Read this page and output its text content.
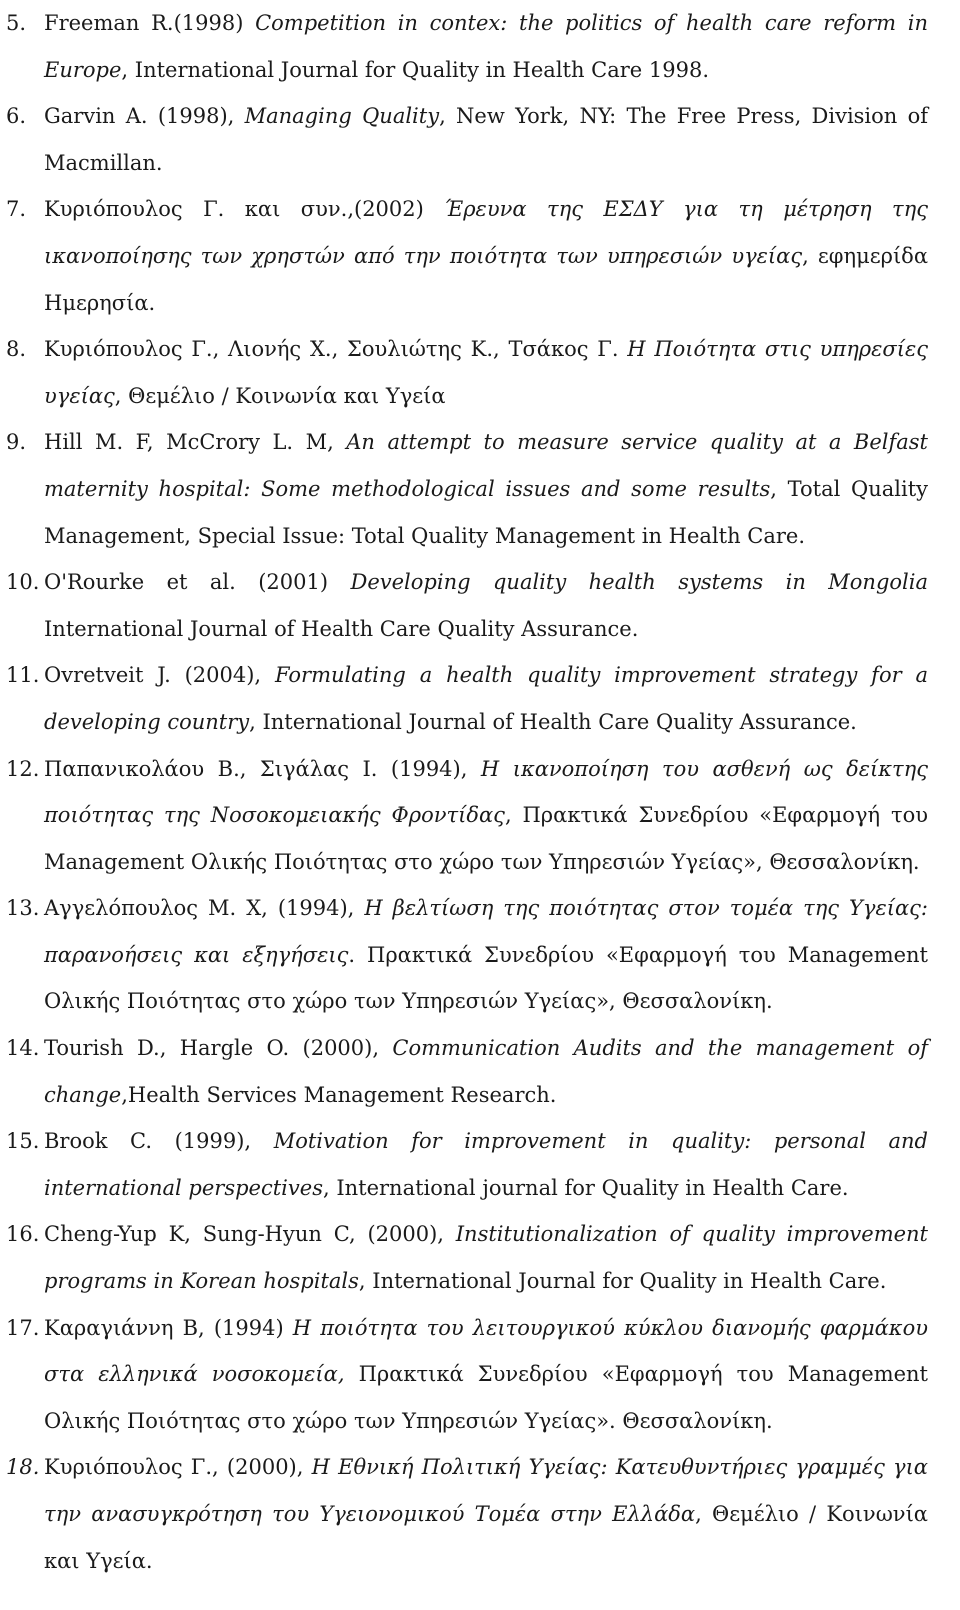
5. Freeman R.(1998) Competition in contex: the politics of health care reform in Europe, International Journal for Quality in Health Care 1998.
6. Garvin A. (1998), Managing Quality, New York, NY: The Free Press, Division of Macmillan.
7. Κυριόπουλος Γ. και συν.,(2002) Έρευνα της ΕΣΔΥ για τη μέτρηση της ικανοποίησης των χρηστών από την ποιότητα των υπηρεσιών υγείας, εφημερίδα Ημερησία.
8. Κυριόπουλος Γ., Λιονής Χ., Σουλιώτης Κ., Τσάκος Γ. Η Ποιότητα στις υπηρεσίες υγείας, Θεμέλιο / Κοινωνία και Υγεία
9. Hill M. F, McCrory L. M, An attempt to measure service quality at a Belfast maternity hospital: Some methodological issues and some results, Total Quality Management, Special Issue: Total Quality Management in Health Care.
10. O'Rourke et al. (2001) Developing quality health systems in Mongolia International Journal of Health Care Quality Assurance.
11. Ovretveit J. (2004), Formulating a health quality improvement strategy for a developing country, International Journal of Health Care Quality Assurance.
12. Παπανικολάου Β., Σιγάλας Ι. (1994), Η ικανοποίηση του ασθενή ως δείκτης ποιότητας της Νοσοκομειακής Φροντίδας, Πρακτικά Συνεδρίου «Εφαρμογή του Management Ολικής Ποιότητας στο χώρο των Υπηρεσιών Υγείας», Θεσσαλονίκη.
13. Αγγελόπουλος Μ. Χ, (1994), Η βελτίωση της ποιότητας στον τομέα της Υγείας: παρανοήσεις και εξηγήσεις. Πρακτικά Συνεδρίου «Εφαρμογή του Management Ολικής Ποιότητας στο χώρο των Υπηρεσιών Υγείας», Θεσσαλονίκη.
14. Tourish D., Hargle O. (2000), Communication Audits and the management of change,Health Services Management Research.
15. Brook C. (1999), Motivation for improvement in quality: personal and international perspectives, International journal for Quality in Health Care.
16. Cheng-Yup K, Sung-Hyun C, (2000), Institutionalization of quality improvement programs in Korean hospitals, International Journal for Quality in Health Care.
17. Καραγιάννη Β, (1994) Η ποιότητα του λειτουργικού κύκλου διανομής φαρμάκου στα ελληνικά νοσοκομεία, Πρακτικά Συνεδρίου «Εφαρμογή του Management Ολικής Ποιότητας στο χώρο των Υπηρεσιών Υγείας». Θεσσαλονίκη.
18. Κυριόπουλος Γ., (2000), Η Εθνική Πολιτική Υγείας: Κατευθυντήριες γραμμές για την ανασυγκρότηση του Υγειονομικού Τομέα στην Ελλάδα, Θεμέλιο / Κοινωνία και Υγεία.
